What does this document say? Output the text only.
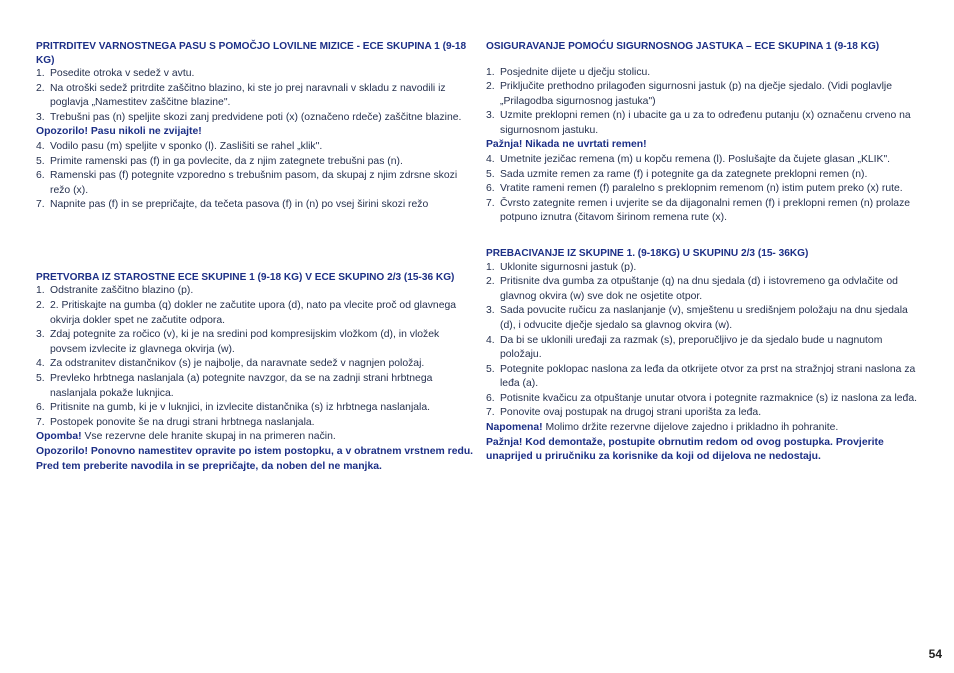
PRITRDITEV VARNOSTNEGA PASU S POMOČJO LOVILNE MIZICE - ECE SKUPINA 1 (9-18 KG)
1. Posedite otroka v sedež v avtu.
2. Na otroški sedež pritrdite zaščitno blazino, ki ste jo prej naravnali v skladu z navodili iz poglavja „Namestitev zaščitne blazine".
3. Trebušni pas (n) speljite skozi zanj predvidene poti (x) (označeno rdeče) zaščitne blazine.
Opozorilo! Pasu nikoli ne zvijajte!
4. Vodilo pasu (m) speljite v sponko (l). Zaslišiti se rahel „klik".
5. Primite ramenski pas (f) in ga povlecite, da z njim zategnete trebušni pas (n).
6. Ramenski pas (f) potegnite vzporedno s trebušnim pasom, da skupaj z njim zdrsne skozi režo (x).
7. Napnite pas (f) in se prepričajte, da tečeta pasova (f) in (n) po vsej širini skozi režo
PRETVORBA IZ STAROSTNE ECE SKUPINE 1 (9-18 KG) V ECE SKUPINO 2/3 (15-36 KG)
1. Odstranite zaščitno blazino (p).
2. 2. Pritiskajte na gumba (q) dokler ne začutite upora (d), nato pa vlecite proč od glavnega okvirja dokler spet ne začutite odpora.
3. Zdaj potegnite za ročico (v), ki je na sredini pod kompresijskim vložkom (d), in vložek povsem izvlecite iz glavnega okvirja (w).
4. Za odstranitev distančnikov (s) je najbolje, da naravnate sedež v nagnjen položaj.
5. Prevleko hrbtnega naslanjala (a) potegnite navzgor, da se na zadnji strani hrbtnega naslanjala pokaže luknjica.
6. Pritisnite na gumb, ki je v luknjici, in izvlecite distančnika (s) iz hrbtnega naslanjala.
7. Postopek ponovite še na drugi strani hrbtnega naslanjala.
Opomba! Vse rezervne dele hranite skupaj in na primeren način.
Opozorilo! Ponovno namestitev opravite po istem postopku, a v obratnem vrstnem redu. Pred tem preberite navodila in se prepričajte, da noben del ne manjka.
OSIGURAVANJE POMOĆU SIGURNOSNOG JASTUKA – ECE SKUPINA 1 (9-18 KG)
1. Posjednite dijete u dječju stolicu.
2. Priključite prethodno prilagođen sigurnosni jastuk (p) na dječje sjedalo. (Vidi poglavlje „Prilagodba sigurnosnog jastuka")
3. Uzmite preklopni remen (n) i ubacite ga u za to određenu putanju (x) označenu crveno na sigurnosnom jastuku.
Pažnja! Nikada ne uvrtati remen!
4. Umetnite jezičac remena (m) u kopču remena (l). Poslušajte da čujete glasan „KLIK".
5. Sada uzmite remen za rame (f) i potegnite ga da zategnete preklopni remen (n).
6. Vratite rameni remen (f) paralelno s preklopnim remenom (n) istim putem preko (x) rute.
7. Čvrsto zategnite remen i uvjerite se da dijagonalni remen (f) i preklopni remen (n) prolaze potpuno iznutra (čitavom širinom remena rute (x).
PREBACIVANJE IZ SKUPINE 1. (9-18KG) U SKUPINU 2/3 (15- 36KG)
1. Uklonite sigurnosni jastuk (p).
2. Pritisnite dva gumba za otpuštanje (q) na dnu sjedala (d) i istovremeno ga odvlačite od glavnog okvira (w) sve dok ne osjetite otpor.
3. Sada povucite ručicu za naslanjanje (v), smještenu u središnjem položaju na dnu sjedala (d), i odvucite dječje sjedalo sa glavnog okvira (w).
4. Da bi se uklonili uređaji za razmak (s), preporučljivo je da sjedalo bude u nagnutom položaju.
5. Potegnite poklopac naslona za leđa da otkrijete otvor za prst na stražnjoj strani naslona za leđa (a).
6. Potisnite kvačicu za otpuštanje unutar otvora i potegnite razmaknice (s) iz naslona za leđa.
7. Ponovite ovaj postupak na drugoj strani uporišta za leđa.
Napomena! Molimo držite rezervne dijelove zajedno i prikladno ih pohranite.
Pažnja! Kod demontaže, postupite obrnutim redom od ovog postupka. Provjerite unaprijed u priručniku za korisnike da koji od dijelova ne nedostaju.
54
